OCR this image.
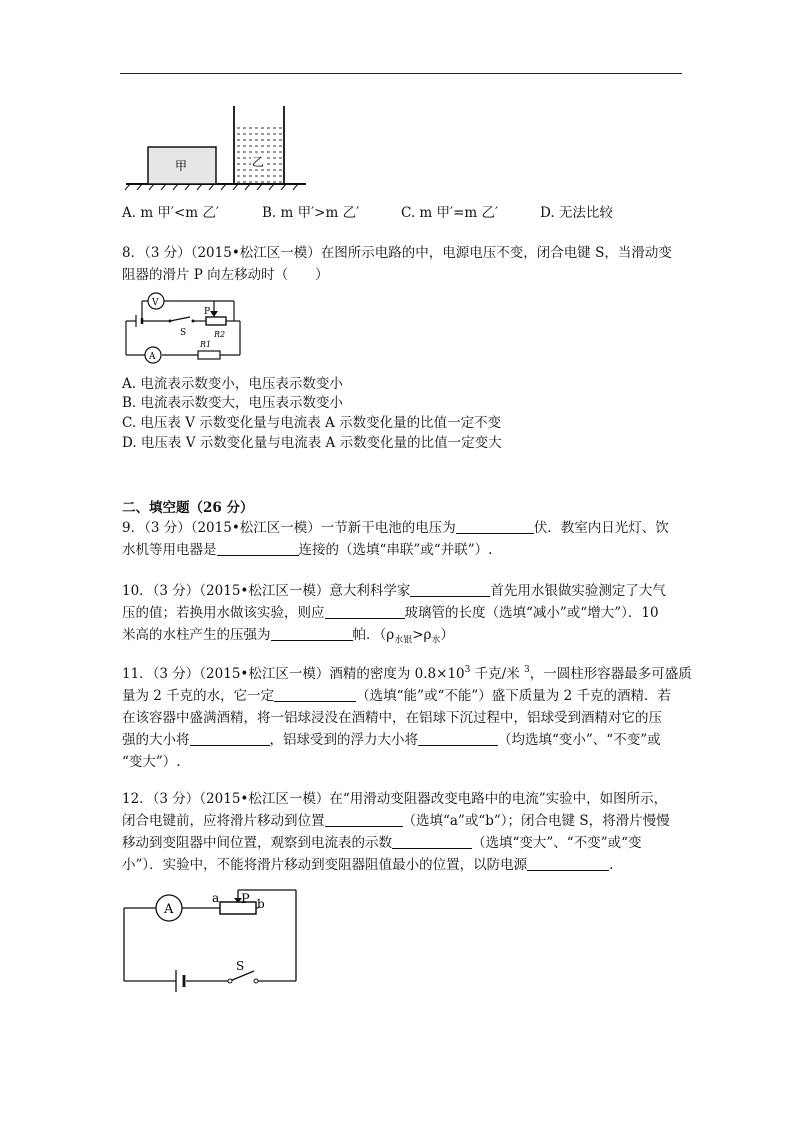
甲	乙
A. m 甲′<m 乙′	B. m 甲′>m 乙′	C. m 甲′=m 乙′	D. 无法比较
8．（3 分）（2015•松江区一模）在图所示电路的中，电源电压不变，闭合电键 S，当滑动变
阻器的滑片 P 向左移动时（　　）
V
A
P
S	R2
R1
A. 电流表示数变小，电压表示数变小
B. 电流表示数变大，电压表示数变小
C. 电压表 V 示数变化量与电流表 A 示数变化量的比值一定不变
D. 电压表 V 示数变化量与电流表 A 示数变化量的比值一定变大
二、填空题（26 分）
9．（3 分）（2015•松江区一模）一节新干电池的电压为	伏．教室内日光灯、饮
水机等用电器是	连接的（选填“串联”或“并联”）.
10．（3 分）（2015•松江区一模）意大利科学家	首先用水银做实验测定了大气
压的值；若换用水做该实验，则应	玻璃管的长度（选填“减小”或“增大”）．10
米高的水柱产生的压强为	帕．$(\rho_{水银}>\rho_水)$
11．（3 分）（2015•松江区一模）酒精的密度为 $0.8\times 10^3$ 千克/米 $^3$，一圆柱形容器最多可盛质
量为 2 千克的水，它一定	（选填“能”或“不能”）盛下质量为 2 千克的酒精．若
在该容器中盛满酒精，将一铝球浸没在酒精中，在铝球下沉过程中，铝球受到酒精对它的压
强的大小将	，铝球受到的浮力大小将	（均选填“变小”、“不变”或
“变大”）.
12．（3 分）（2015•松江区一模）在“用滑动变阻器改变电路中的电流”实验中，如图所示，
闭合电键前，应将滑片移动到位置	（选填“a”或“b”）；闭合电键 S，将滑片慢慢
移动到变阻器中间位置，观察到电流表的示数	（选填“变大”、“不变”或“变
小”）．实验中，不能将滑片移动到变阻器阻值最小的位置，以防电源	.
A
a P b
S
